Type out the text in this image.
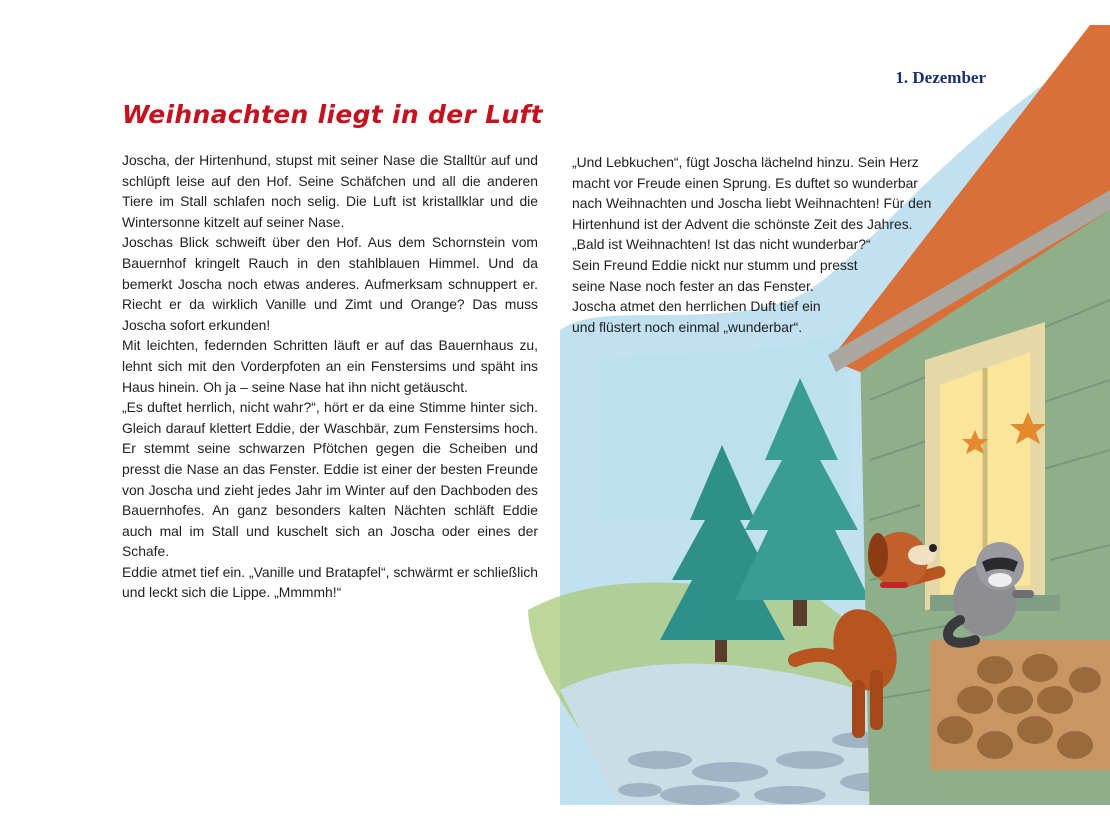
1. Dezember
Weihnachten liegt in der Luft

Joscha, der Hirtenhund, stupst mit seiner Nase die Stalltür auf und schlüpft leise auf den Hof. Seine Schäfchen und all die anderen Tiere im Stall schlafen noch selig. Die Luft ist kristallklar und die Wintersonne kitzelt auf seiner Nase.

Joschas Blick schweift über den Hof. Aus dem Schornstein vom Bauernhof kringelt Rauch in den stahlblauen Himmel. Und da bemerkt Joscha noch etwas anderes. Aufmerksam schnuppert er. Riecht er da wirklich Vanille und Zimt und Orange? Das muss Joscha sofort erkunden!

Mit leichten, federnden Schritten läuft er auf das Bauernhaus zu, lehnt sich mit den Vorderpfoten an ein Fenstersims und späht ins Haus hinein. Oh ja – seine Nase hat ihn nicht getäuscht.

„Es duftet herrlich, nicht wahr?“, hört er da eine Stimme hinter sich. Gleich darauf klettert Eddie, der Waschbär, zum Fenstersims hoch. Er stemmt seine schwarzen Pfötchen gegen die Scheiben und presst die Nase an das Fenster. Eddie ist einer der besten Freunde von Joscha und zieht jedes Jahr im Winter auf den Dachboden des Bauernhofes. An ganz besonders kalten Nächten schläft Eddie auch mal im Stall und kuschelt sich an Joscha oder eines der Schafe.

Eddie atmet tief ein. „Vanille und Bratapfel“, schwärmt er schließlich und leckt sich die Lippe. „Mmmmh!“

„Und Lebkuchen“, fügt Joscha lächelnd hinzu. Sein Herz macht vor Freude einen Sprung. Es duftet so wunderbar nach Weihnachten und Joscha liebt Weihnachten! Für den Hirtenhund ist der Advent die schönste Zeit des Jahres. „Bald ist Weihnachten! Ist das nicht wunderbar?“

Sein Freund Eddie nickt nur stumm und presst seine Nase noch fester an das Fenster.

Joscha atmet den herrlichen Duft tief ein und flüstert noch einmal „wunderbar“.
